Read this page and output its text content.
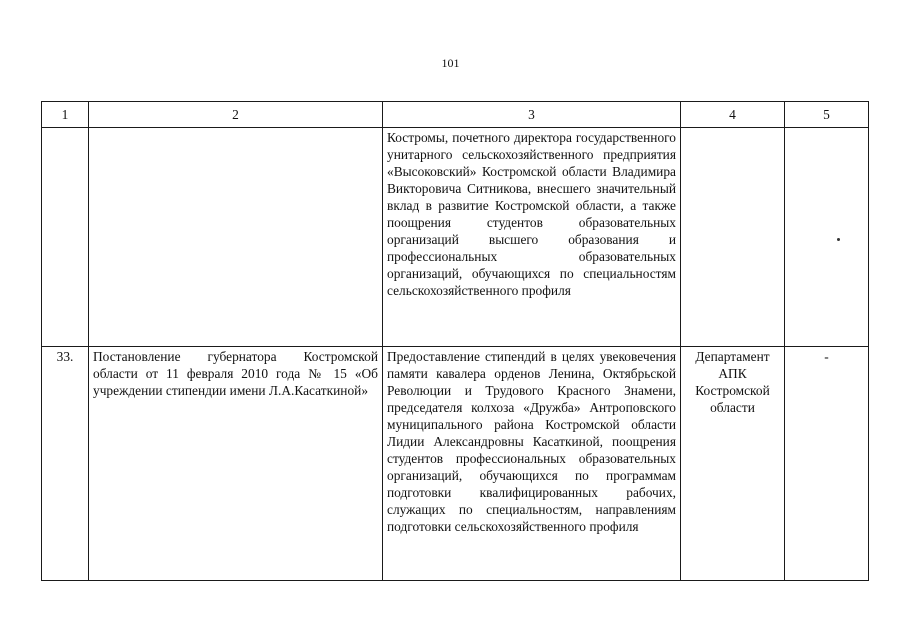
101
1	2	3	4	5
		Костромы, почетного директора государственного унитарного сельскохозяйственного предприятия «Высоковский» Костромской области Владимира Викторовича Ситникова, внесшего значительный вклад в развитие Костромской области, а также поощрения студентов образовательных организаций высшего образования и профессиональных образовательных организаций, обучающихся по специальностям сельскохозяйственного профиля		
33.	Постановление губернатора Костромской области от 11 февраля 2010 года № 15 «Об учреждении стипендии имени Л.А.Касаткиной»	Предоставление стипендий в целях увековечения памяти кавалера орденов Ленина, Октябрьской Революции и Трудового Красного Знамени, председателя колхоза «Дружба» Антроповского муниципального района Костромской области Лидии Александровны Касаткиной, поощрения студентов профессиональных образовательных организаций, обучающихся по программам подготовки квалифицированных рабочих, служащих по специальностям, направлениям подготовки сельскохозяйственного профиля	Департамент АПК Костромской области	-
